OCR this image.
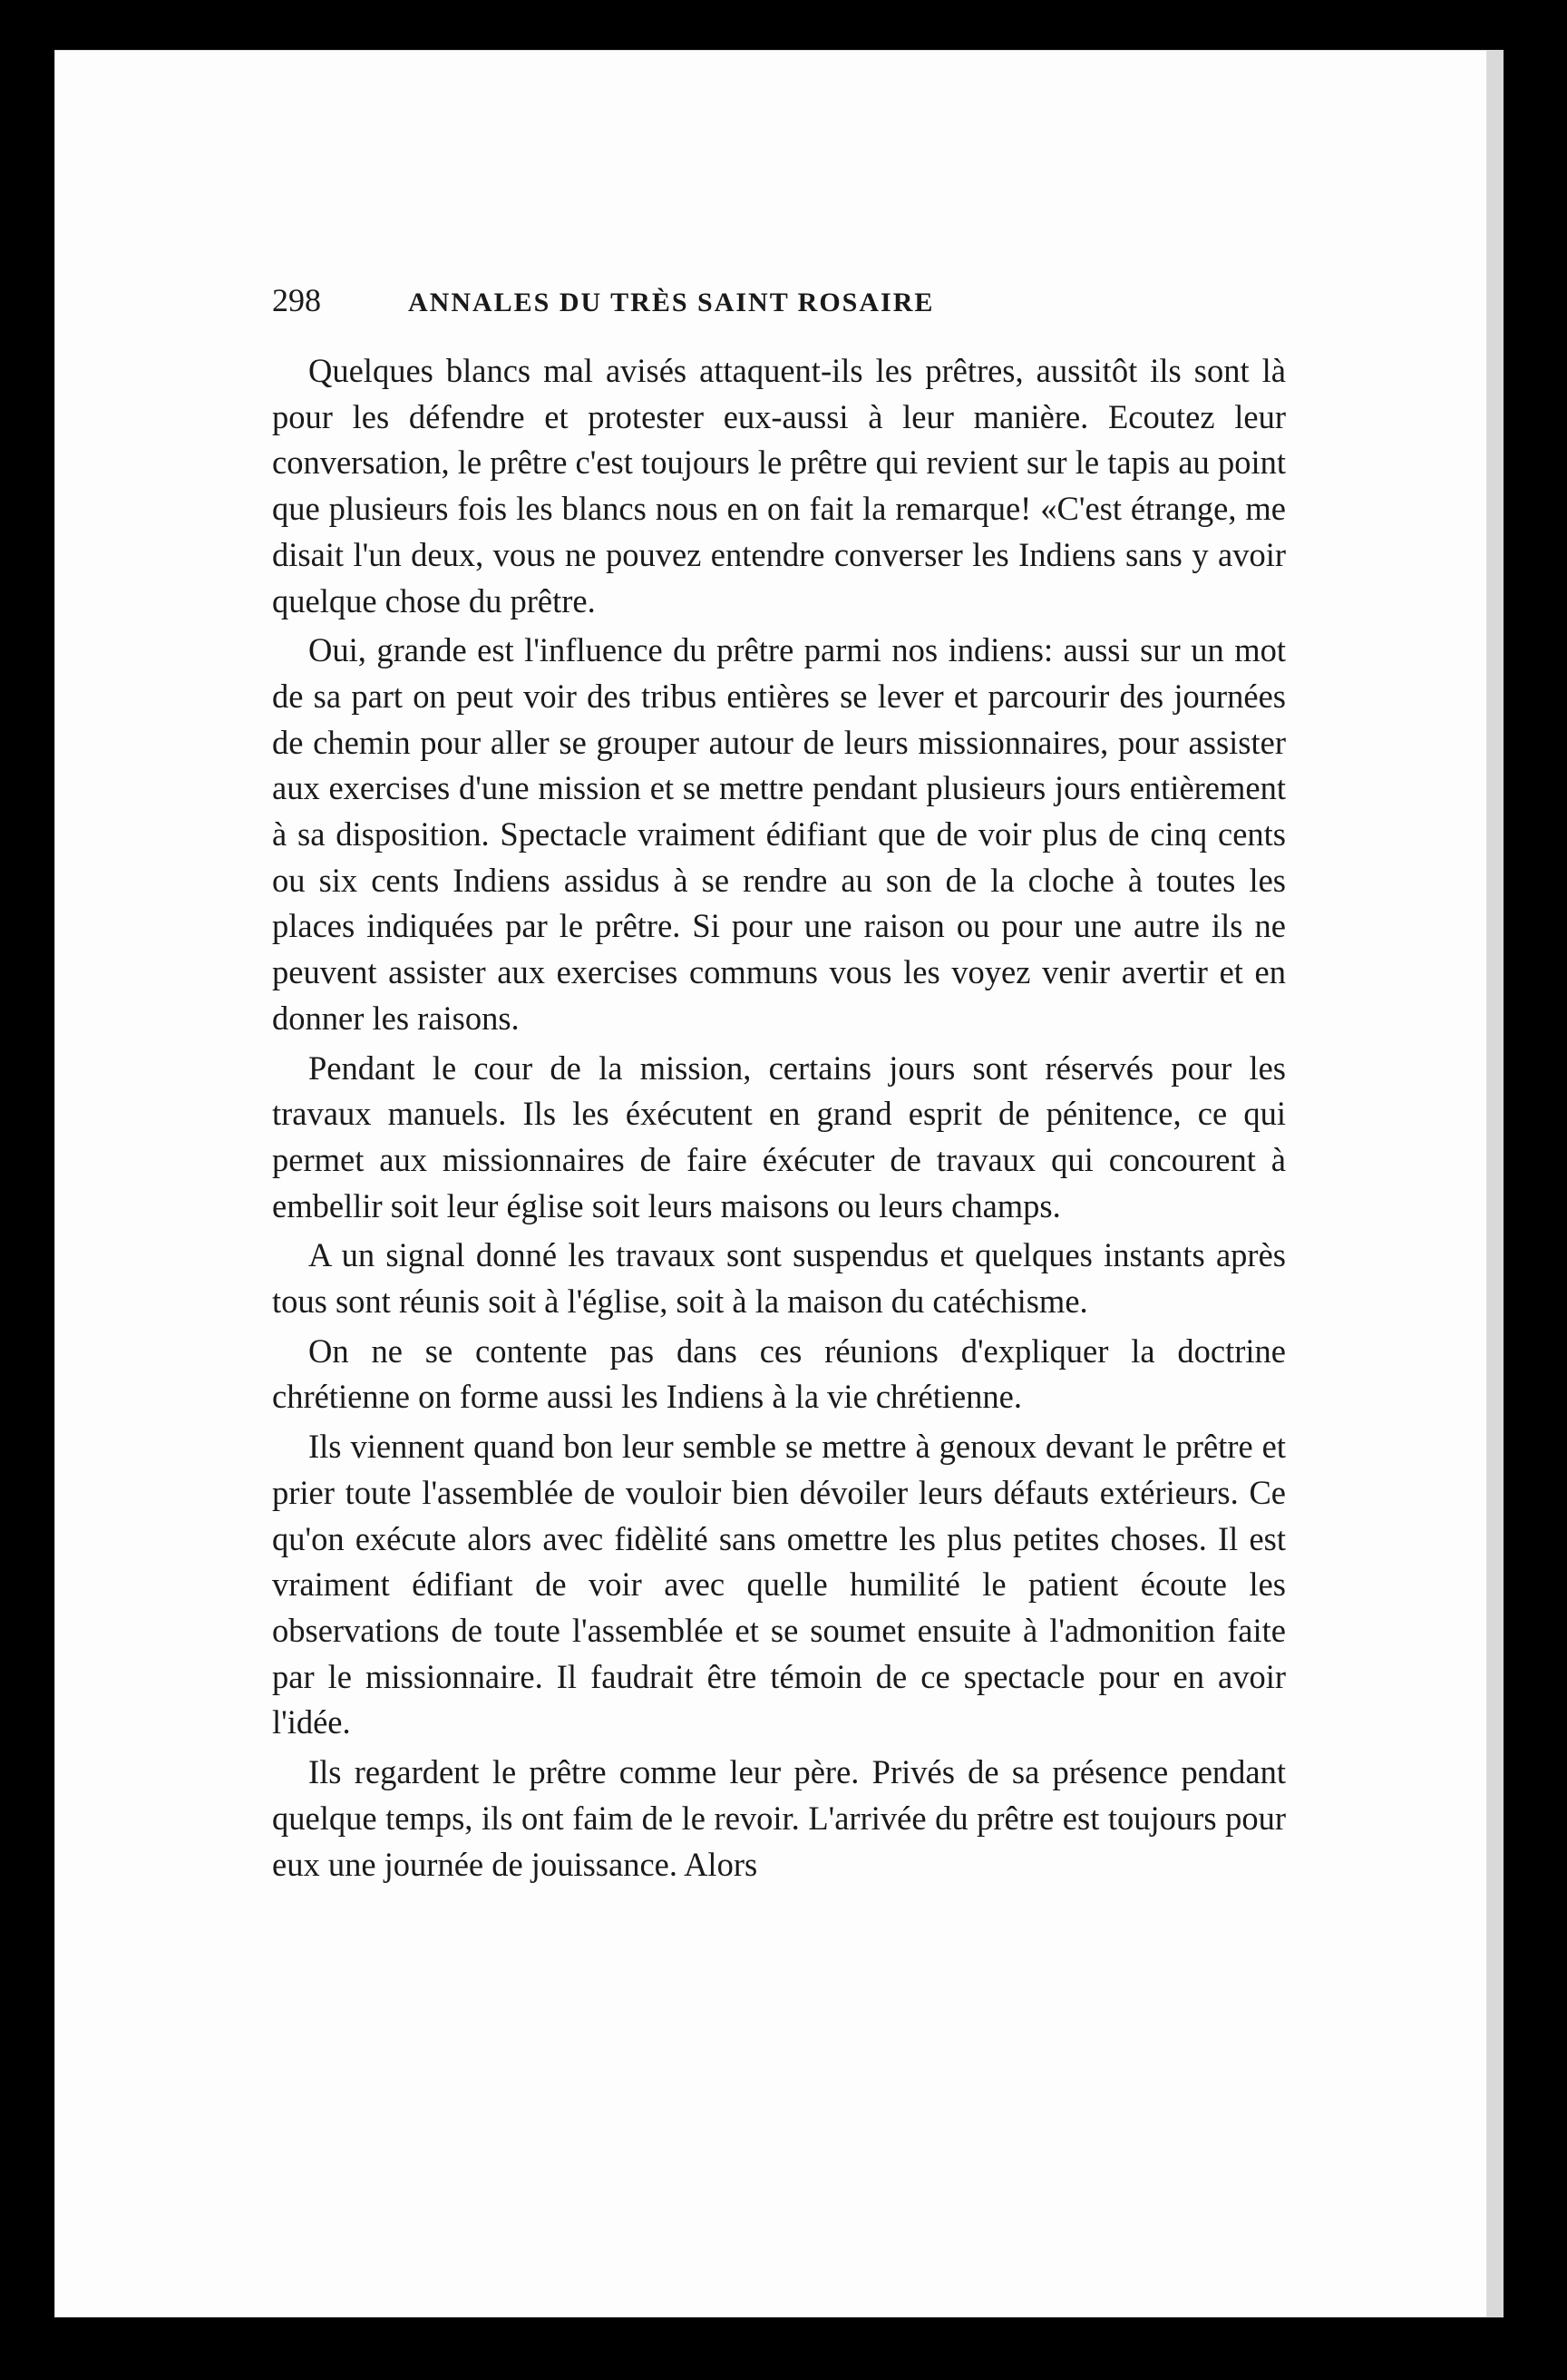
298	ANNALES DU TRÈS SAINT ROSAIRE

Quelques blancs mal avisés attaquent-ils les prêtres, aussitôt ils sont là pour les défendre et protester eux-aussi à leur manière. Ecoutez leur conversation, le prêtre c'est toujours le prêtre qui revient sur le tapis au point que plusieurs fois les blancs nous en on fait la remarque! «C'est étrange, me disait l'un deux, vous ne pouvez entendre converser les Indiens sans y avoir quelque chose du prêtre.

Oui, grande est l'influence du prêtre parmi nos indiens: aussi sur un mot de sa part on peut voir des tribus entières se lever et parcourir des journées de chemin pour aller se grouper autour de leurs missionnaires, pour assister aux exercises d'une mission et se mettre pendant plusieurs jours entièrement à sa disposition. Spectacle vraiment édifiant que de voir plus de cinq cents ou six cents Indiens assidus à se rendre au son de la cloche à toutes les places indiquées par le prêtre. Si pour une raison ou pour une autre ils ne peuvent assister aux exercises communs vous les voyez venir avertir et en donner les raisons.

Pendant le cour de la mission, certains jours sont réservés pour les travaux manuels. Ils les éxécutent en grand esprit de pénitence, ce qui permet aux missionnaires de faire éxécuter de travaux qui concourent à embellir soit leur église soit leurs maisons ou leurs champs.

A un signal donné les travaux sont suspendus et quelques instants après tous sont réunis soit à l'église, soit à la maison du catéchisme.

On ne se contente pas dans ces réunions d'expliquer la doctrine chrétienne on forme aussi les Indiens à la vie chrétienne.

Ils viennent quand bon leur semble se mettre à genoux devant le prêtre et prier toute l'assemblée de vouloir bien dévoiler leurs défauts extérieurs. Ce qu'on exécute alors avec fidèlité sans omettre les plus petites choses. Il est vraiment édifiant de voir avec quelle humilité le patient écoute les observations de toute l'assemblée et se soumet ensuite à l'admonition faite par le missionnaire. Il faudrait être témoin de ce spectacle pour en avoir l'idée.

Ils regardent le prêtre comme leur père. Privés de sa présence pendant quelque temps, ils ont faim de le revoir. L'arrivée du prêtre est toujours pour eux une journée de jouissance. Alors
